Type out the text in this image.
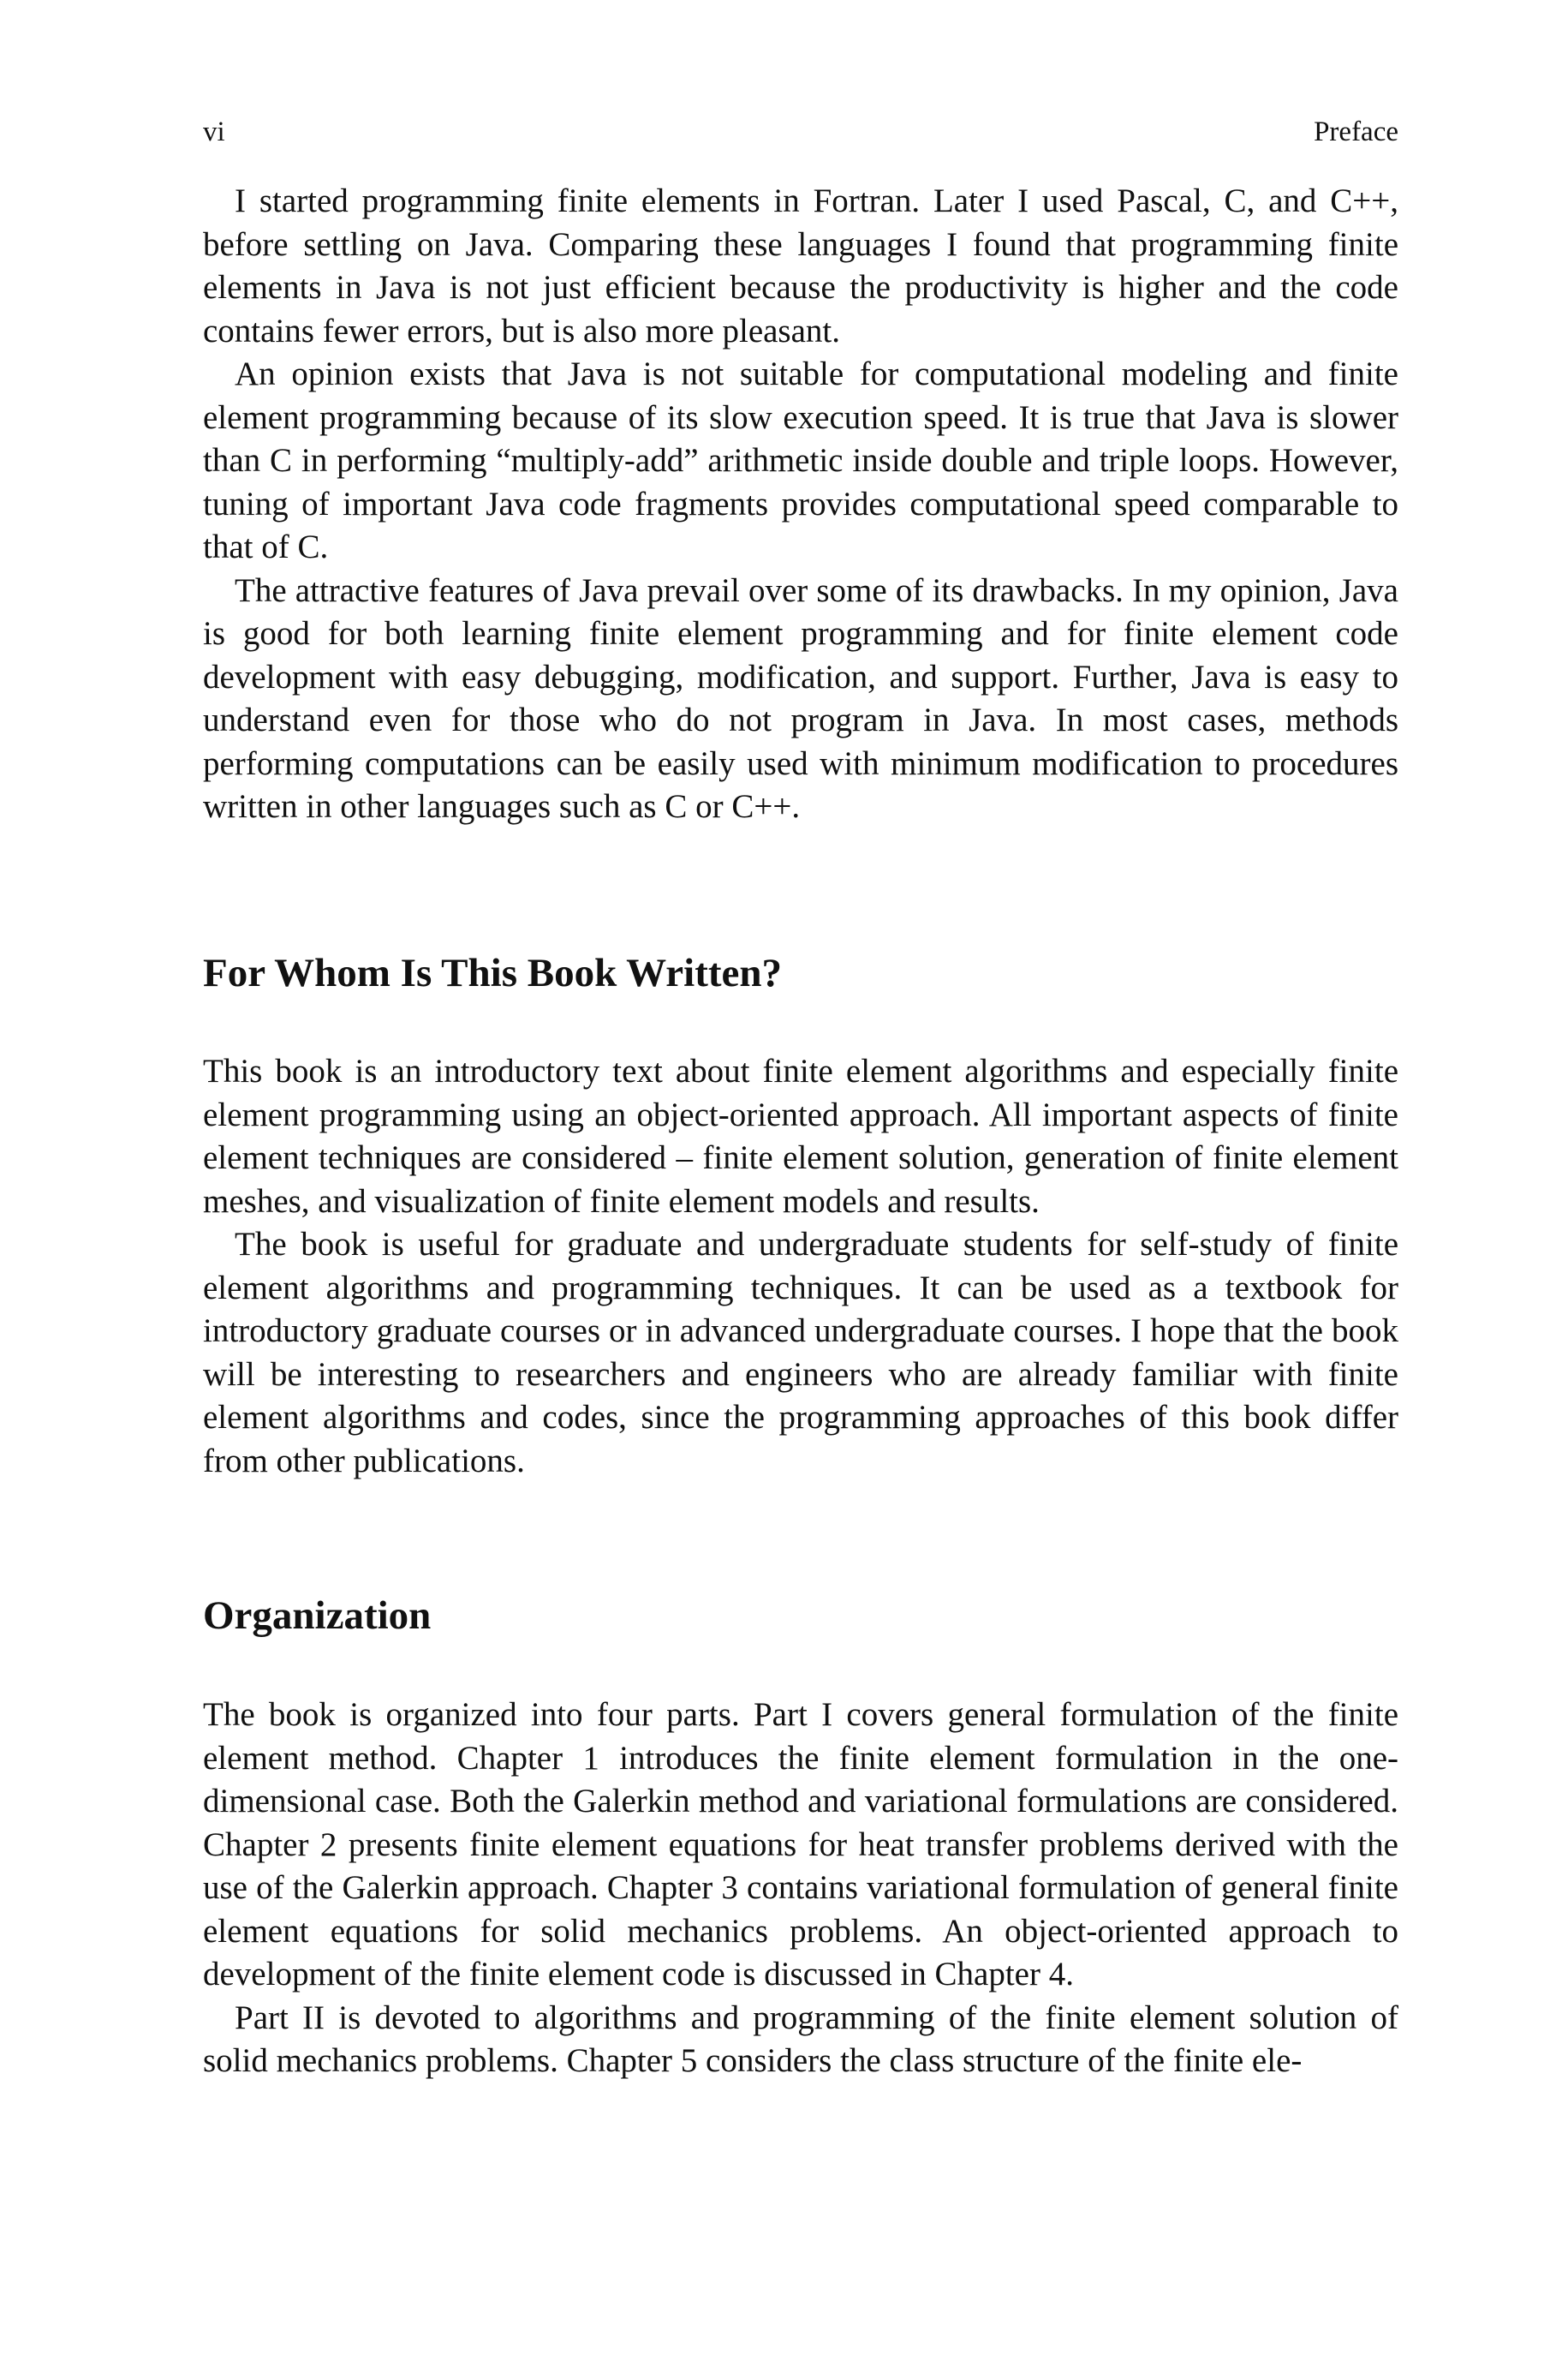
vi	Preface

I started programming finite elements in Fortran. Later I used Pascal, C, and C++, before settling on Java. Comparing these languages I found that programming finite elements in Java is not just efficient because the productivity is higher and the code contains fewer errors, but is also more pleasant.

An opinion exists that Java is not suitable for computational modeling and finite element programming because of its slow execution speed. It is true that Java is slower than C in performing “multiply-add” arithmetic inside double and triple loops. However, tuning of important Java code fragments provides computational speed comparable to that of C.

The attractive features of Java prevail over some of its drawbacks. In my opinion, Java is good for both learning finite element programming and for finite element code development with easy debugging, modification, and support. Further, Java is easy to understand even for those who do not program in Java. In most cases, methods performing computations can be easily used with minimum modification to procedures written in other languages such as C or C++.

For Whom Is This Book Written?

This book is an introductory text about finite element algorithms and especially finite element programming using an object-oriented approach. All important aspects of finite element techniques are considered – finite element solution, generation of finite element meshes, and visualization of finite element models and results.

The book is useful for graduate and undergraduate students for self-study of finite element algorithms and programming techniques. It can be used as a textbook for introductory graduate courses or in advanced undergraduate courses. I hope that the book will be interesting to researchers and engineers who are already familiar with finite element algorithms and codes, since the programming approaches of this book differ from other publications.

Organization

The book is organized into four parts. Part I covers general formulation of the finite element method. Chapter 1 introduces the finite element formulation in the one-dimensional case. Both the Galerkin method and variational formulations are considered. Chapter 2 presents finite element equations for heat transfer problems derived with the use of the Galerkin approach. Chapter 3 contains variational formulation of general finite element equations for solid mechanics problems. An object-oriented approach to development of the finite element code is discussed in Chapter 4.

Part II is devoted to algorithms and programming of the finite element solution of solid mechanics problems. Chapter 5 considers the class structure of the finite ele-
